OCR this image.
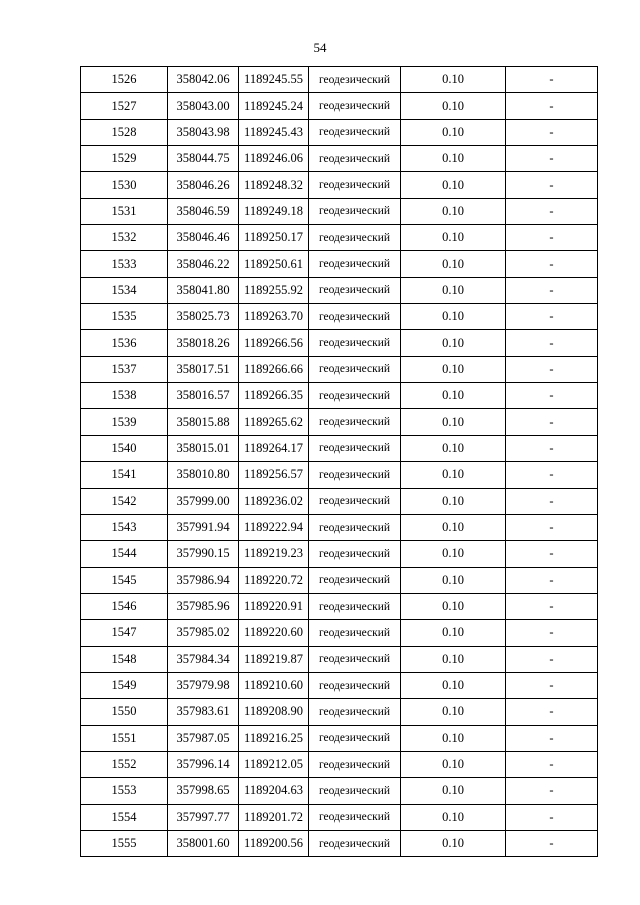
54
1526	358042.06	1189245.55	геодезический	0.10	-
1527	358043.00	1189245.24	геодезический	0.10	-
1528	358043.98	1189245.43	геодезический	0.10	-
1529	358044.75	1189246.06	геодезический	0.10	-
1530	358046.26	1189248.32	геодезический	0.10	-
1531	358046.59	1189249.18	геодезический	0.10	-
1532	358046.46	1189250.17	геодезический	0.10	-
1533	358046.22	1189250.61	геодезический	0.10	-
1534	358041.80	1189255.92	геодезический	0.10	-
1535	358025.73	1189263.70	геодезический	0.10	-
1536	358018.26	1189266.56	геодезический	0.10	-
1537	358017.51	1189266.66	геодезический	0.10	-
1538	358016.57	1189266.35	геодезический	0.10	-
1539	358015.88	1189265.62	геодезический	0.10	-
1540	358015.01	1189264.17	геодезический	0.10	-
1541	358010.80	1189256.57	геодезический	0.10	-
1542	357999.00	1189236.02	геодезический	0.10	-
1543	357991.94	1189222.94	геодезический	0.10	-
1544	357990.15	1189219.23	геодезический	0.10	-
1545	357986.94	1189220.72	геодезический	0.10	-
1546	357985.96	1189220.91	геодезический	0.10	-
1547	357985.02	1189220.60	геодезический	0.10	-
1548	357984.34	1189219.87	геодезический	0.10	-
1549	357979.98	1189210.60	геодезический	0.10	-
1550	357983.61	1189208.90	геодезический	0.10	-
1551	357987.05	1189216.25	геодезический	0.10	-
1552	357996.14	1189212.05	геодезический	0.10	-
1553	357998.65	1189204.63	геодезический	0.10	-
1554	357997.77	1189201.72	геодезический	0.10	-
1555	358001.60	1189200.56	геодезический	0.10	-
